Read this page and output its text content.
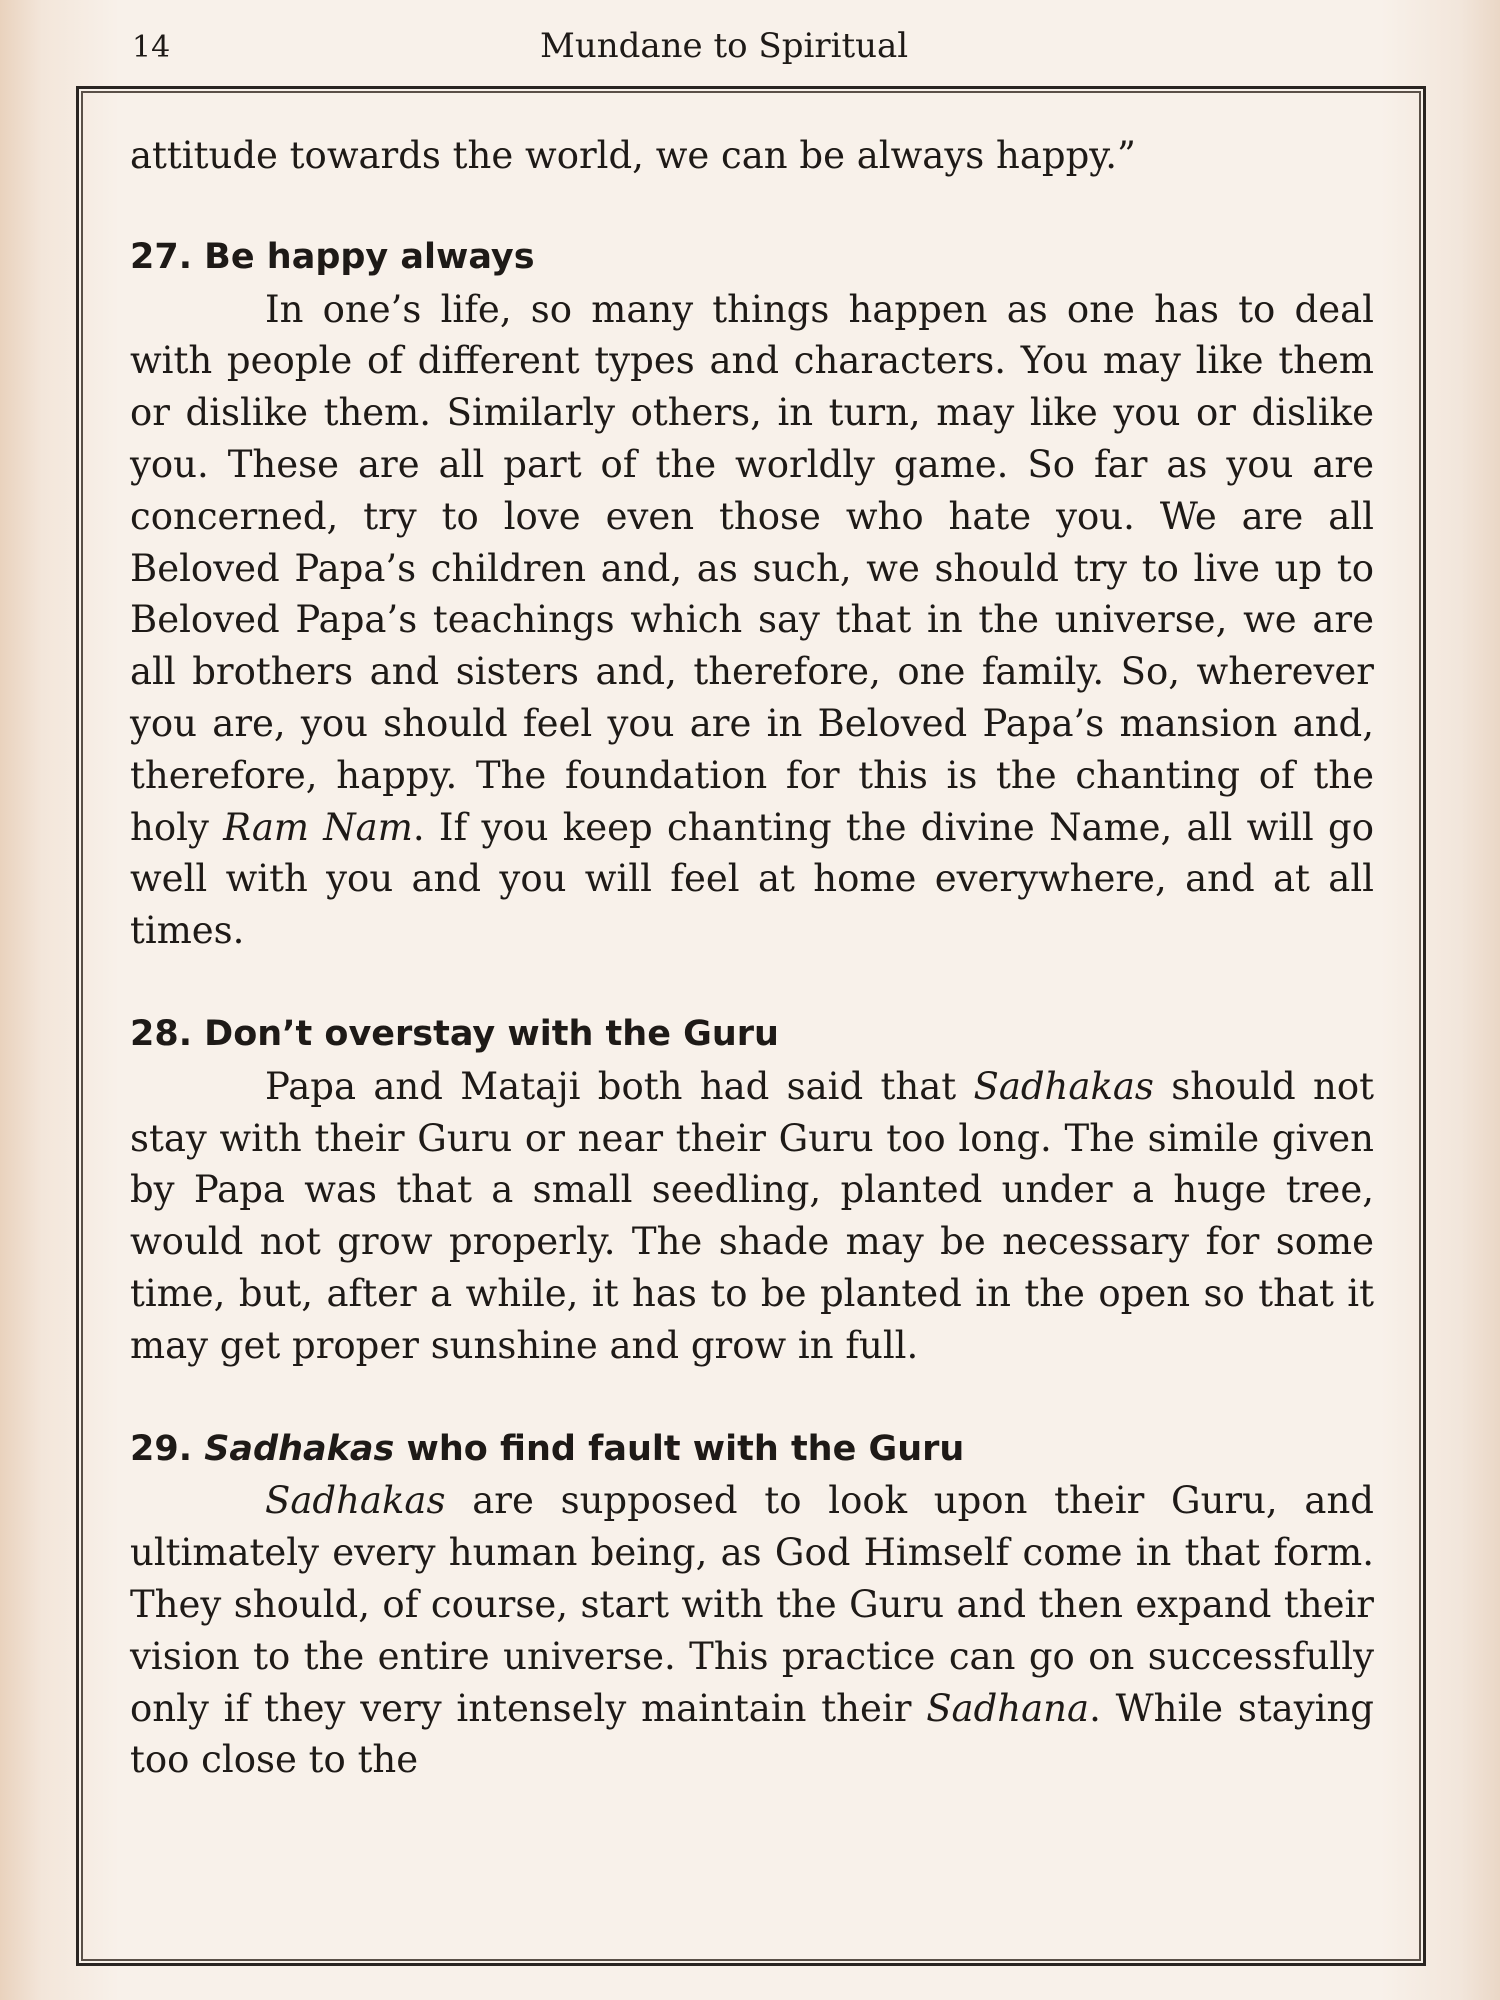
14	Mundane to Spiritual

attitude towards the world, we can be always happy.”

27. Be happy always

In one’s life, so many things happen as one has to deal with people of different types and characters. You may like them or dislike them. Similarly others, in turn, may like you or dislike you. These are all part of the worldly game. So far as you are concerned, try to love even those who hate you. We are all Beloved Papa’s children and, as such, we should try to live up to Beloved Papa’s teachings which say that in the universe, we are all brothers and sisters and, therefore, one family. So, wherever you are, you should feel you are in Beloved Papa’s mansion and, therefore, happy. The foundation for this is the chanting of the holy Ram Nam. If you keep chanting the divine Name, all will go well with you and you will feel at home everywhere, and at all times.

28. Don’t overstay with the Guru

Papa and Mataji both had said that Sadhakas should not stay with their Guru or near their Guru too long. The simile given by Papa was that a small seedling, planted under a huge tree, would not grow properly. The shade may be necessary for some time, but, after a while, it has to be planted in the open so that it may get proper sunshine and grow in full.

29. Sadhakas who find fault with the Guru

Sadhakas are supposed to look upon their Guru, and ultimately every human being, as God Himself come in that form. They should, of course, start with the Guru and then expand their vision to the entire universe. This practice can go on successfully only if they very intensely maintain their Sadhana. While staying too close to the
